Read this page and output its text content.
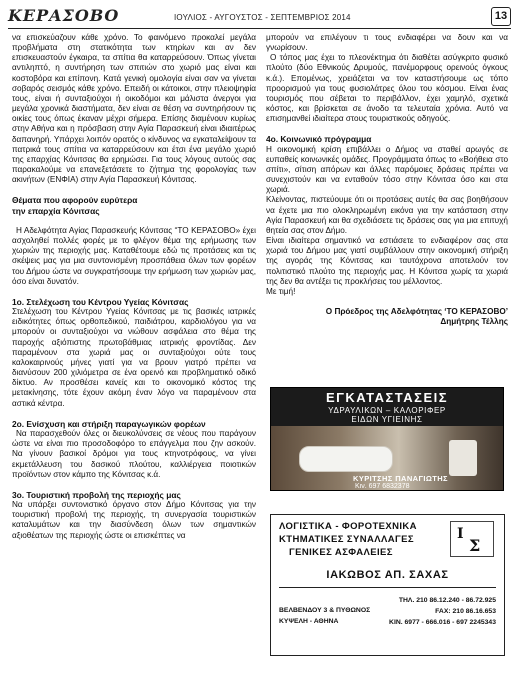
ΚΕΡΑΣΟΒΟ	ΙΟΥΛΙΟΣ - ΑΥΓΟΥΣΤΟΣ - ΣΕΠΤΕΜΒΡΙΟΣ 2014	13

να επισκεύαζουν κάθε χρόνο. Το φαινόμενο προκαλεί μεγάλα προβλήματα στη στατικότητα των κτηρίων και αν δεν επισκευαστούν έγκαιρα, τα σπίτια θα καταρρεύσουν. Όπως γίνεται αντιληπτό, η συντήρηση των σπιτιών στο χωριό μας είναι και κοστοβόρα και επίπονη. Κατά γενική ομολογία είναι σαν να γίνεται σοβαρός σεισμός κάθε χρόνο. Επειδή οι κάτοικοι, στην πλειοψηφία τους, είναι ή συνταξιούχοι ή οικοδόμοι και μάλιστα άνεργοι για μεγάλα χρονικά διαστήματα, δεν είναι σε θέση να συντηρήσουν τις οικίες τους όπως έκαναν μέχρι σήμερα. Επίσης διαμένουν κυρίως στην Αθήνα και η πρόσβαση στην Αγία Παρασκευή είναι ιδιαιτέρως δαπανηρή. Υπάρχει λοιπόν ορατός ο κίνδυνος να εγκαταλείψουν τα πατρικά τους σπίτια να καταρρεύσουν και έτσι ένα μεγάλο χωριό της επαρχίας Κόνιτσας θα ερημώσει. Για τους λόγους αυτούς σας παρακαλούμε να επανεξετάσετε το ζήτημα της φορολογίας των ακινήτων (ΕΝΦΙΑ) στην Αγία Παρασκευή Κόνιτσας.

Θέματα που αφορούν ευρύτερα
την επαρχία Κόνιτσας

Η Αδελφότητα Αγίας Παρασκευής Κόνιτσας “ΤΟ ΚΕΡΑΣΟΒΟ» έχει ασχοληθεί πολλές φορές με το φλέγον θέμα της ερήμωσης των χωριών της περιοχής μας. Καταθέτουμε εδώ τις προτάσεις και τις σκέψεις μας για μια συντονισμένη προσπάθεια όλων των φορέων του Δήμου ώστε να συγκρατήσουμε την ερήμωση των χωριών μας, όσο είναι δυνατόν.

1ο. Στελέχωση του Κέντρου Υγείας Κόνιτσας

Στελέχωση του Κέντρου Υγείας Κόνιτσας με τις βασικές ιατρικές ειδικότητες όπως ορθοπεδικού, παιδιάτρου, καρδιολόγου για να μπορούν οι συνταξιούχοι να νιώθουν ασφάλεια στο θέμα της παροχής αξιόπιστης πρωτοβάθμιας ιατρικής φροντίδας. Δεν παραμένουν στα χωριά μας οι συνταξιούχοι ούτε τους καλοκαιρινούς μήνες γιατί για να βρουν γιατρό πρέπει να διανύσουν 200 χιλιόμετρα σε ένα ορεινό και προβληματικό οδικό δίκτυο. Αν προσθέσει κανείς και το οικονομικό κόστος της μετακίνησης, τότε έχουν ακόμη έναν λόγο να παραμένουν στα αστικά κέντρα.

2ο. Ενίσχυση και στήριξη παραγωγικών φορέων

Να παρασχεθούν όλες οι διευκολύνσεις σε νέους που παράγουν ώστε να είναι πιο προσοδοφόρο το επάγγελμα που ζην ασκούν. Να γίνουν βασικοί δρόμοι για τους κτηνοτρόφους, να γίνει εκμετάλλευση του δασικού πλούτου, καλλιέργεια ποιοτικών προϊόντων στον κάμπο της Κόνιτσας κ.ά.

3ο. Τουριστική προβολή της περιοχής μας

Να υπάρξει συντονιστικό όργανο στον Δήμο Κόνιτσας για την τουριστική προβολή της περιοχής, τη συνεργασία τουριστικών καταλυμάτων και την διασύνδεση όλων των σημαντικών αξιοθέατων της περιοχής ώστε οι επισκέπτες να

μπορούν να επιλέγουν τι τους ενδιαφέρει να δουν και να γνωρίσουν.

Ο τόπος μας έχει το πλεονέκτημα ότι διαθέτει ασύγκριτο φυσικό πλούτο (δύο Εθνικούς Δρυμούς, πανέμορφους ορεινούς όγκους κ.ά.). Επομένως, χρειάζεται να τον καταστήσουμε ως τόπο προορισμού για τους φυσιολάτρες όλου του κόσμου. Είναι ένας τουρισμός που σέβεται το περιβάλλον, έχει χαμηλό, σχετικά κόστος, και βρίσκεται σε άνοδο τα τελευταία χρόνια. Αυτό να επισημανθεί ιδιαίτερα στους τουριστικούς οδηγούς.

4ο. Κοινωνικό πρόγραμμα

Η οικονομική κρίση επιβάλλει ο Δήμος να σταθεί αρωγός σε ευπαθείς κοινωνικές ομάδες. Προγράμματα όπως το «Βοήθεια στο σπίτι», σίτιση απόρων και άλλες παρόμοιες δράσεις πρέπει να συνεχιστούν και να ενταθούν τόσο στην Κόνιτσα όσο και στα χωριά.

Κλείνοντας, πιστεύουμε ότι οι προτάσεις αυτές θα σας βοηθήσουν να έχετε μια πιο ολοκληρωμένη εικόνα για την κατάσταση στην Αγία Παρασκευή και θα σχεδιάσετε τις δράσεις σας για μια επιτυχή θητεία σας στον Δήμο.

Είναι ιδιαίτερα σημαντικό να εστιάσετε το ενδιαφέρον σας στα χωριά του Δήμου μας γιατί συμβάλλουν στην οικονομική στήριξη της αγοράς της Κόνιτσας και ταυτόχρονα αποτελούν τον πολιτιστικό πλούτο της περιοχής μας. Η Κόνιτσα χωρίς τα χωριά της δεν θα αντέξει τις προκλήσεις του μέλλοντος.

Με τιμή!

Ο Πρόεδρος της Αδελφότητας ‘ΤΟ ΚΕΡΑΣΟΒΟ’
Δημήτρης Τέλλης
ΕΓΚΑΤΑΣΤΑΣΕΙΣ
ΥΔΡΑΥΛΙΚΩΝ – ΚΑΛΟΡΙΦΕΡ
ΕΙΔΩΝ ΥΓΙΕΙΝΗΣ
ΚΥΡΙΤΣΗΣ ΠΑΝΑΓΙΩΤΗΣ
Κιν. 697 6832378
ΛΟΓΙΣΤΙΚΑ - ΦΟΡΟΤΕΧΝΙΚΑ
ΚΤΗΜΑΤΙΚΕΣ ΣΥΝΑΛΛΑΓΕΣ
ΓΕΝΙΚΕΣ ΑΣΦΑΛΕΙΕΣ
Ι
Σ
ΙΑΚΩΒΟΣ ΑΠ. ΣΑΧΑΣ
ΒΕΛΒΕΝΔΟΥ 3 & ΠΥΘΩΝΟΣ
ΚΥΨΕΛΗ - ΑΘΗΝΑ
ΤΗΛ. 210 86.12.240 - 86.72.925
FAX: 210 86.16.653
ΚΙΝ. 6977 - 666.016 - 697 2245343
